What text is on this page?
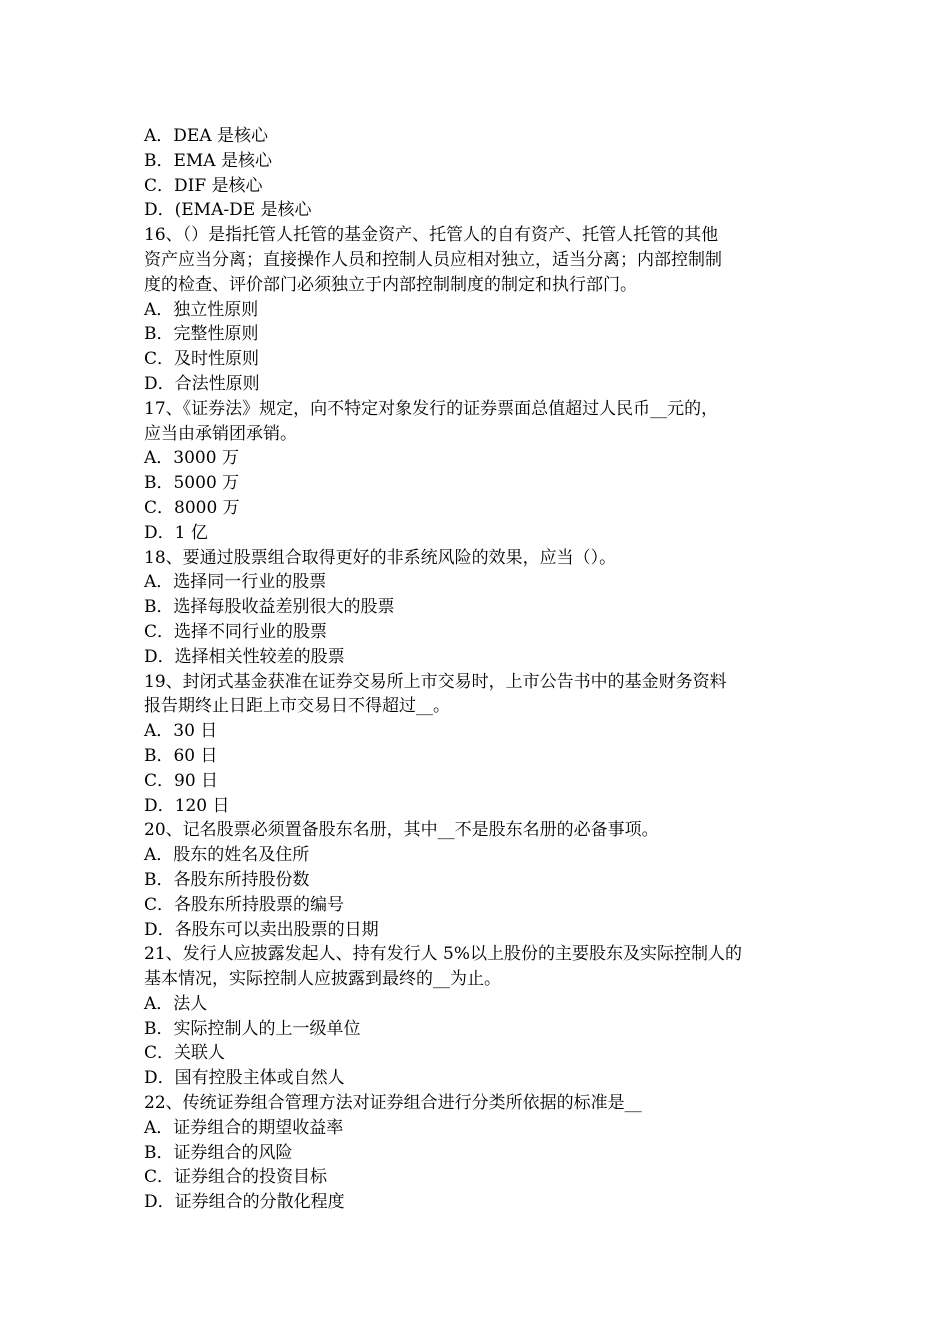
A．DEA 是核心
B．EMA 是核心
C．DIF 是核心
D．(EMA-DE 是核心
16、（）是指托管人托管的基金资产、托管人的自有资产、托管人托管的其他
资产应当分离；直接操作人员和控制人员应相对独立，适当分离；内部控制制
度的检查、评价部门必须独立于内部控制制度的制定和执行部门。
A．独立性原则
B．完整性原则
C．及时性原则
D．合法性原则
17、《证券法》规定，向不特定对象发行的证券票面总值超过人民币__元的，
应当由承销团承销。
A．3000 万
B．5000 万
C．8000 万
D．1 亿
18、要通过股票组合取得更好的非系统风险的效果，应当（）。
A．选择同一行业的股票
B．选择每股收益差别很大的股票
C．选择不同行业的股票
D．选择相关性较差的股票
19、封闭式基金获准在证券交易所上市交易时，上市公告书中的基金财务资料
报告期终止日距上市交易日不得超过__。
A．30 日
B．60 日
C．90 日
D．120 日
20、记名股票必须置备股东名册，其中__不是股东名册的必备事项。
A．股东的姓名及住所
B．各股东所持股份数
C．各股东所持股票的编号
D．各股东可以卖出股票的日期
21、发行人应披露发起人、持有发行人 5%以上股份的主要股东及实际控制人的
基本情况，实际控制人应披露到最终的__为止。
A．法人
B．实际控制人的上一级单位
C．关联人
D．国有控股主体或自然人
22、传统证券组合管理方法对证券组合进行分类所依据的标准是__
A．证券组合的期望收益率
B．证券组合的风险
C．证券组合的投资目标
D．证券组合的分散化程度
